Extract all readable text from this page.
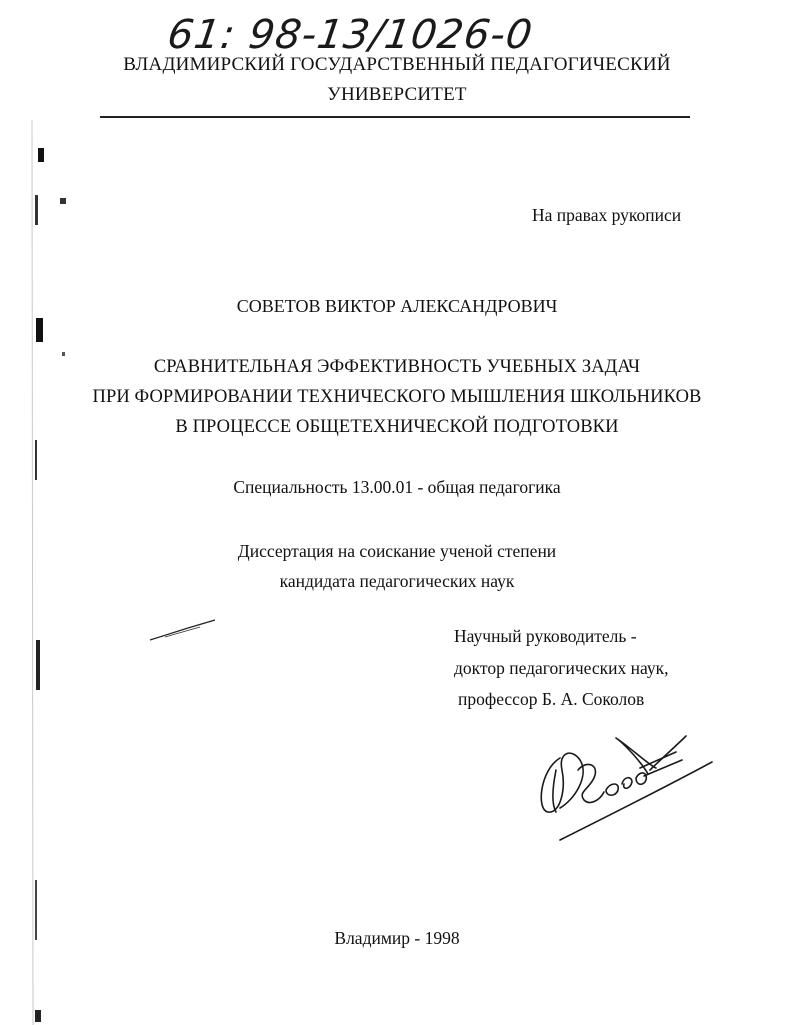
61: 98-13/1026-0
ВЛАДИМИРСКИЙ ГОСУДАРСТВЕННЫЙ ПЕДАГОГИЧЕСКИЙ
УНИВЕРСИТЕТ
На правах рукописи
СОВЕТОВ ВИКТОР АЛЕКСАНДРОВИЧ
СРАВНИТЕЛЬНАЯ ЭФФЕКТИВНОСТЬ УЧЕБНЫХ ЗАДАЧ
ПРИ ФОРМИРОВАНИИ ТЕХНИЧЕСКОГО МЫШЛЕНИЯ ШКОЛЬНИКОВ
В ПРОЦЕССЕ ОБЩЕТЕХНИЧЕСКОЙ ПОДГОТОВКИ
Специальность 13.00.01 - общая педагогика
Диссертация на соискание ученой степени
кандидата педагогических наук
Научный руководитель -
доктор педагогических наук,
профессор Б. А. Соколов
Владимир - 1998
